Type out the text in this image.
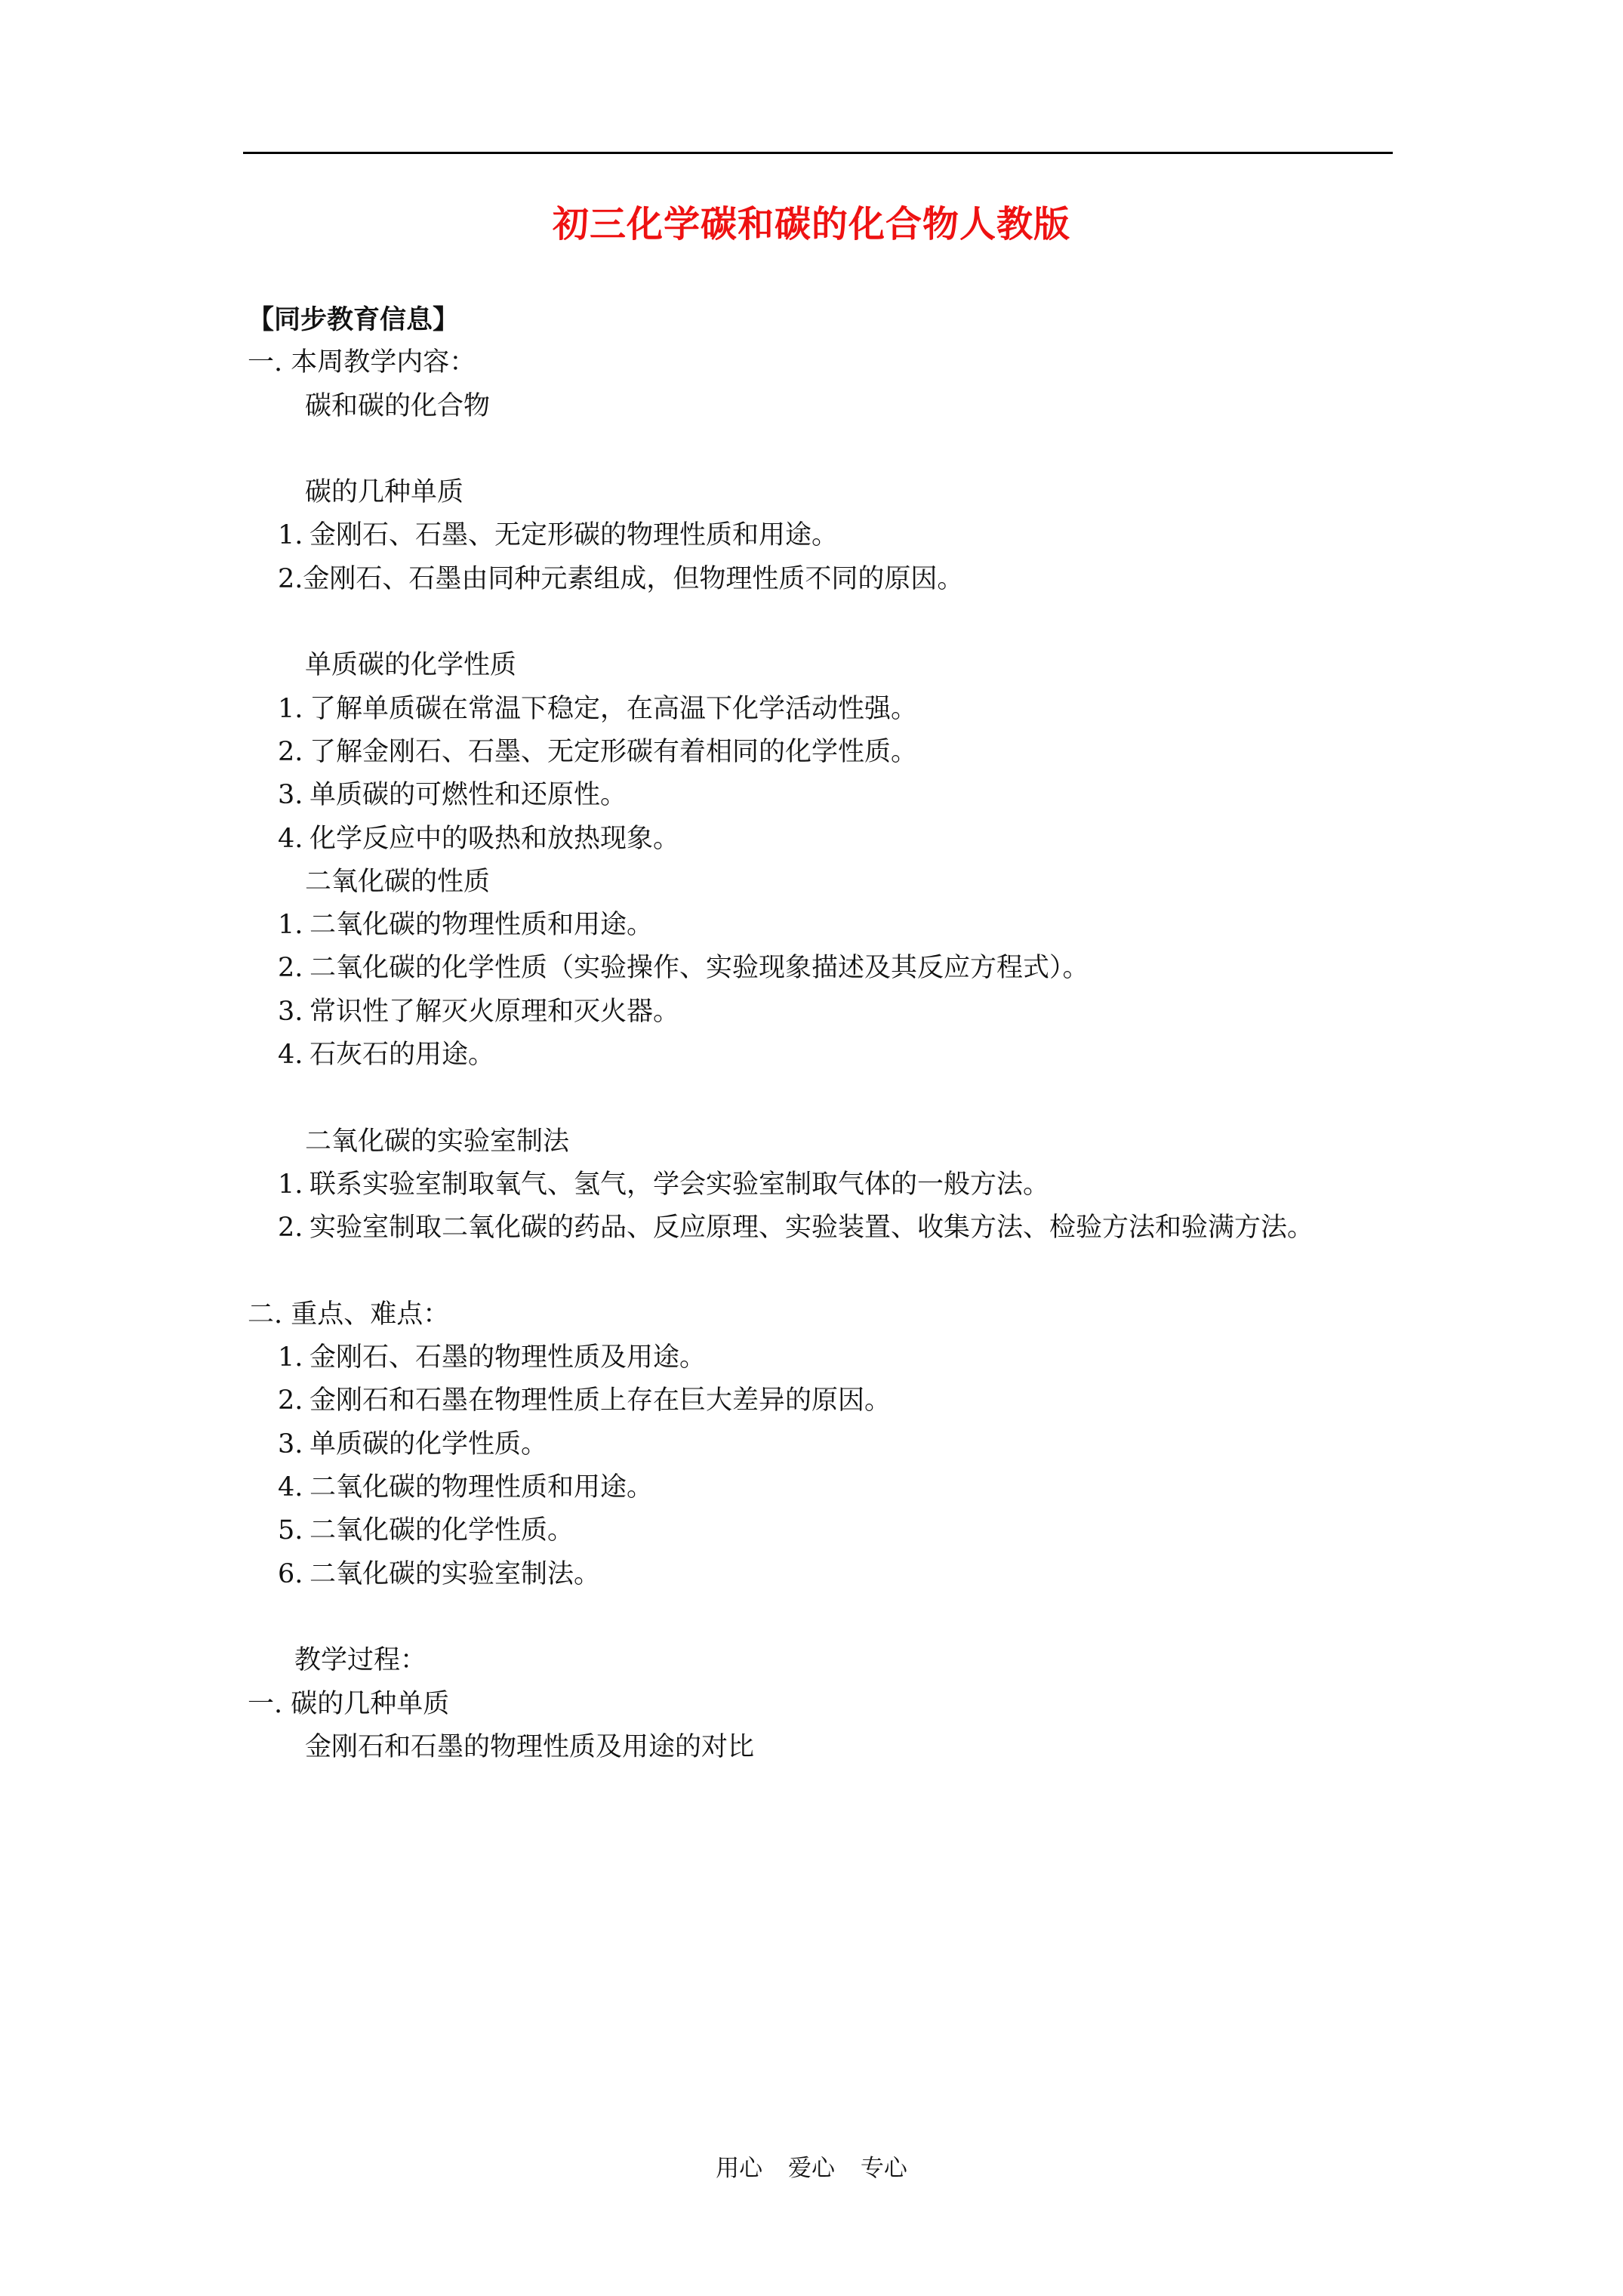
初三化学碳和碳的化合物人教版
【同步教育信息】
一. 本周教学内容：
碳和碳的化合物
碳的几种单质
1. 金刚石、石墨、无定形碳的物理性质和用途。
2.金刚石、石墨由同种元素组成，但物理性质不同的原因。
单质碳的化学性质
1. 了解单质碳在常温下稳定，在高温下化学活动性强。
2. 了解金刚石、石墨、无定形碳有着相同的化学性质。
3. 单质碳的可燃性和还原性。
4. 化学反应中的吸热和放热现象。
二氧化碳的性质
1. 二氧化碳的物理性质和用途。
2. 二氧化碳的化学性质（实验操作、实验现象描述及其反应方程式）。
3. 常识性了解灭火原理和灭火器。
4. 石灰石的用途。
二氧化碳的实验室制法
1. 联系实验室制取氧气、氢气，学会实验室制取气体的一般方法。
2. 实验室制取二氧化碳的药品、反应原理、实验装置、收集方法、检验方法和验满方法。
二. 重点、难点：
1. 金刚石、石墨的物理性质及用途。
2. 金刚石和石墨在物理性质上存在巨大差异的原因。
3. 单质碳的化学性质。
4. 二氧化碳的物理性质和用途。
5. 二氧化碳的化学性质。
6. 二氧化碳的实验室制法。
教学过程：
一. 碳的几种单质
金刚石和石墨的物理性质及用途的对比
用心 爱心 专心
